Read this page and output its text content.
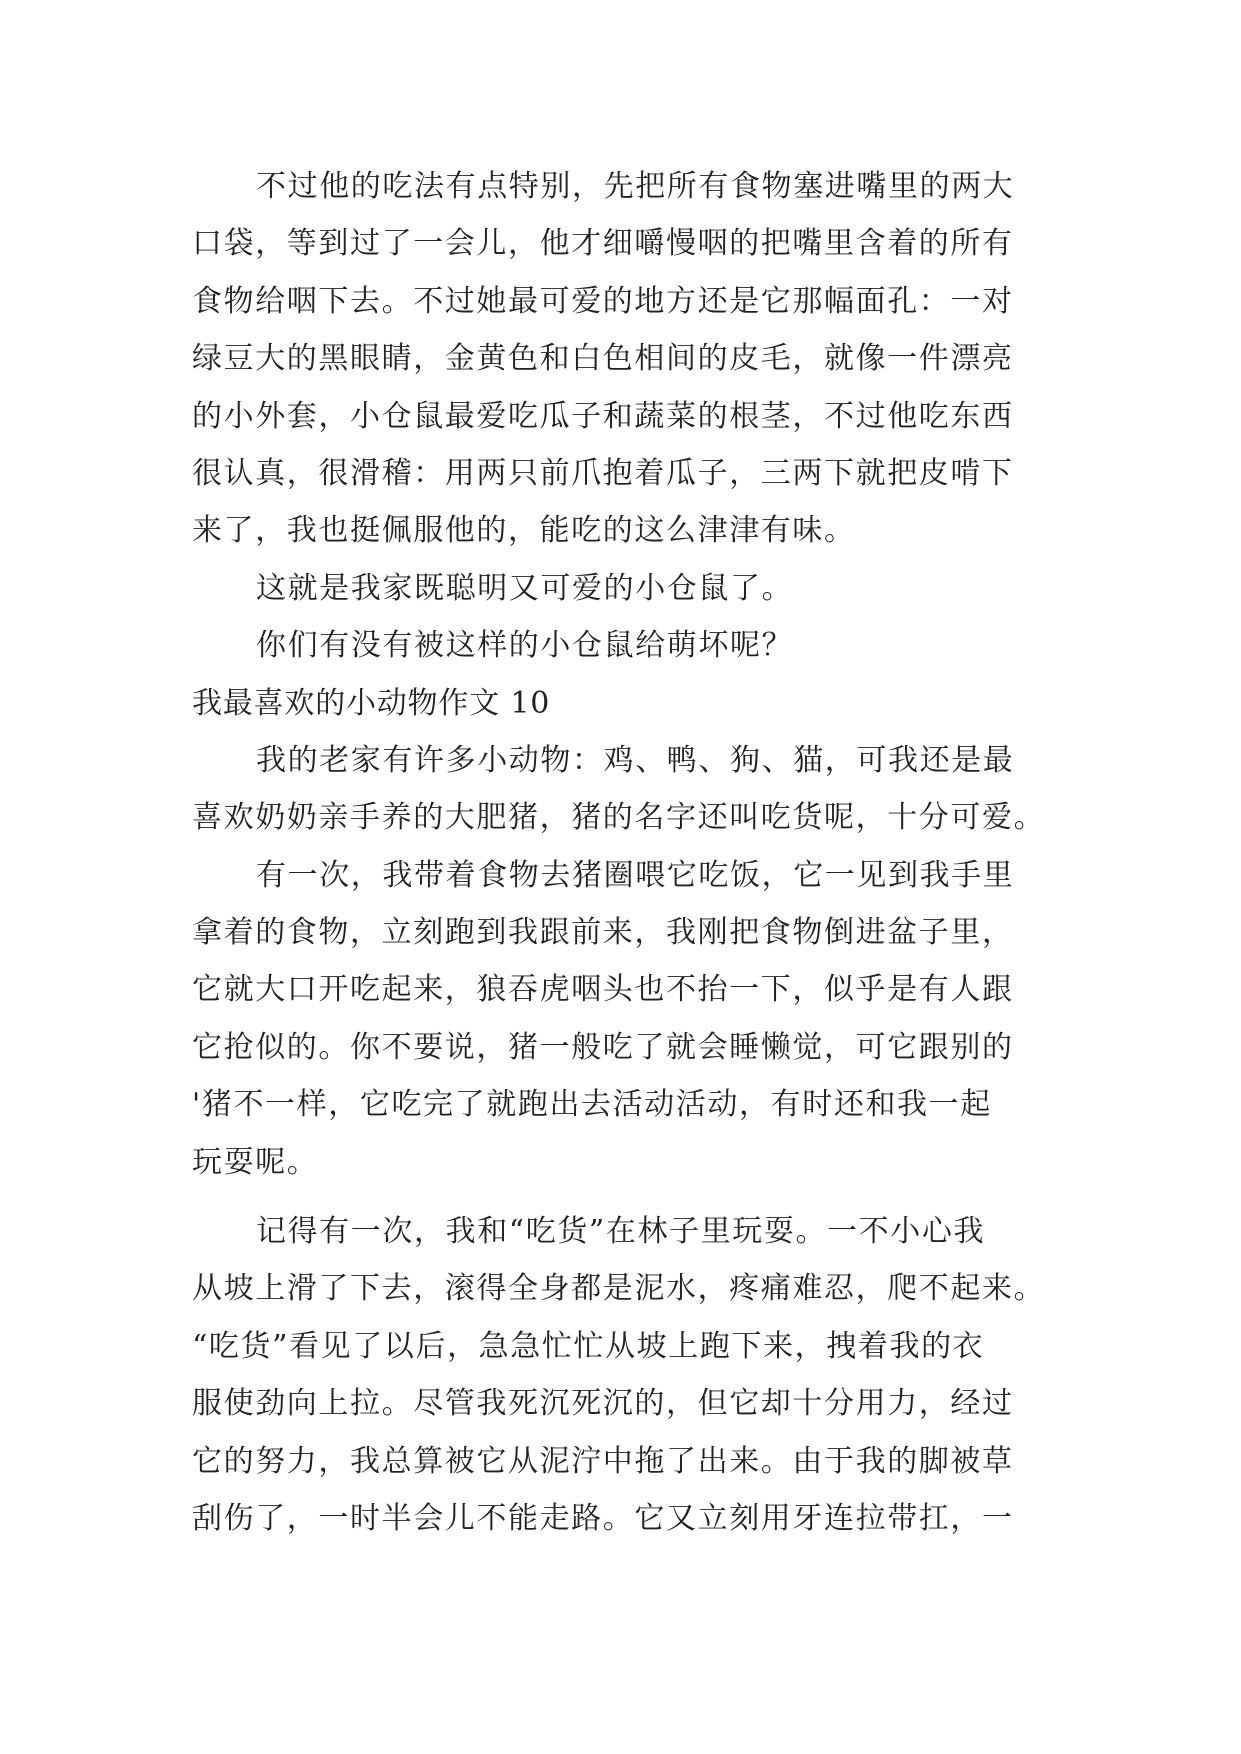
不过他的吃法有点特别，先把所有食物塞进嘴里的两大
口袋，等到过了一会儿，他才细嚼慢咽的把嘴里含着的所有
食物给咽下去。不过她最可爱的地方还是它那幅面孔：一对
绿豆大的黑眼睛，金黄色和白色相间的皮毛，就像一件漂亮
的小外套，小仓鼠最爱吃瓜子和蔬菜的根茎，不过他吃东西
很认真，很滑稽：用两只前爪抱着瓜子，三两下就把皮啃下
来了，我也挺佩服他的，能吃的这么津津有味。
这就是我家既聪明又可爱的小仓鼠了。
你们有没有被这样的小仓鼠给萌坏呢？
我最喜欢的小动物作文 10
我的老家有许多小动物：鸡、鸭、狗、猫，可我还是最
喜欢奶奶亲手养的大肥猪，猪的名字还叫吃货呢，十分可爱。
有一次，我带着食物去猪圈喂它吃饭，它一见到我手里
拿着的食物，立刻跑到我跟前来，我刚把食物倒进盆子里，
它就大口开吃起来，狼吞虎咽头也不抬一下，似乎是有人跟
它抢似的。你不要说，猪一般吃了就会睡懒觉，可它跟别的
'猪不一样，它吃完了就跑出去活动活动，有时还和我一起
玩耍呢。
记得有一次，我和“吃货”在林子里玩耍。一不小心我
从坡上滑了下去，滚得全身都是泥水，疼痛难忍，爬不起来。
“吃货”看见了以后，急急忙忙从坡上跑下来，拽着我的衣
服使劲向上拉。尽管我死沉死沉的，但它却十分用力，经过
它的努力，我总算被它从泥泞中拖了出来。由于我的脚被草
刮伤了，一时半会儿不能走路。它又立刻用牙连拉带扛，一
